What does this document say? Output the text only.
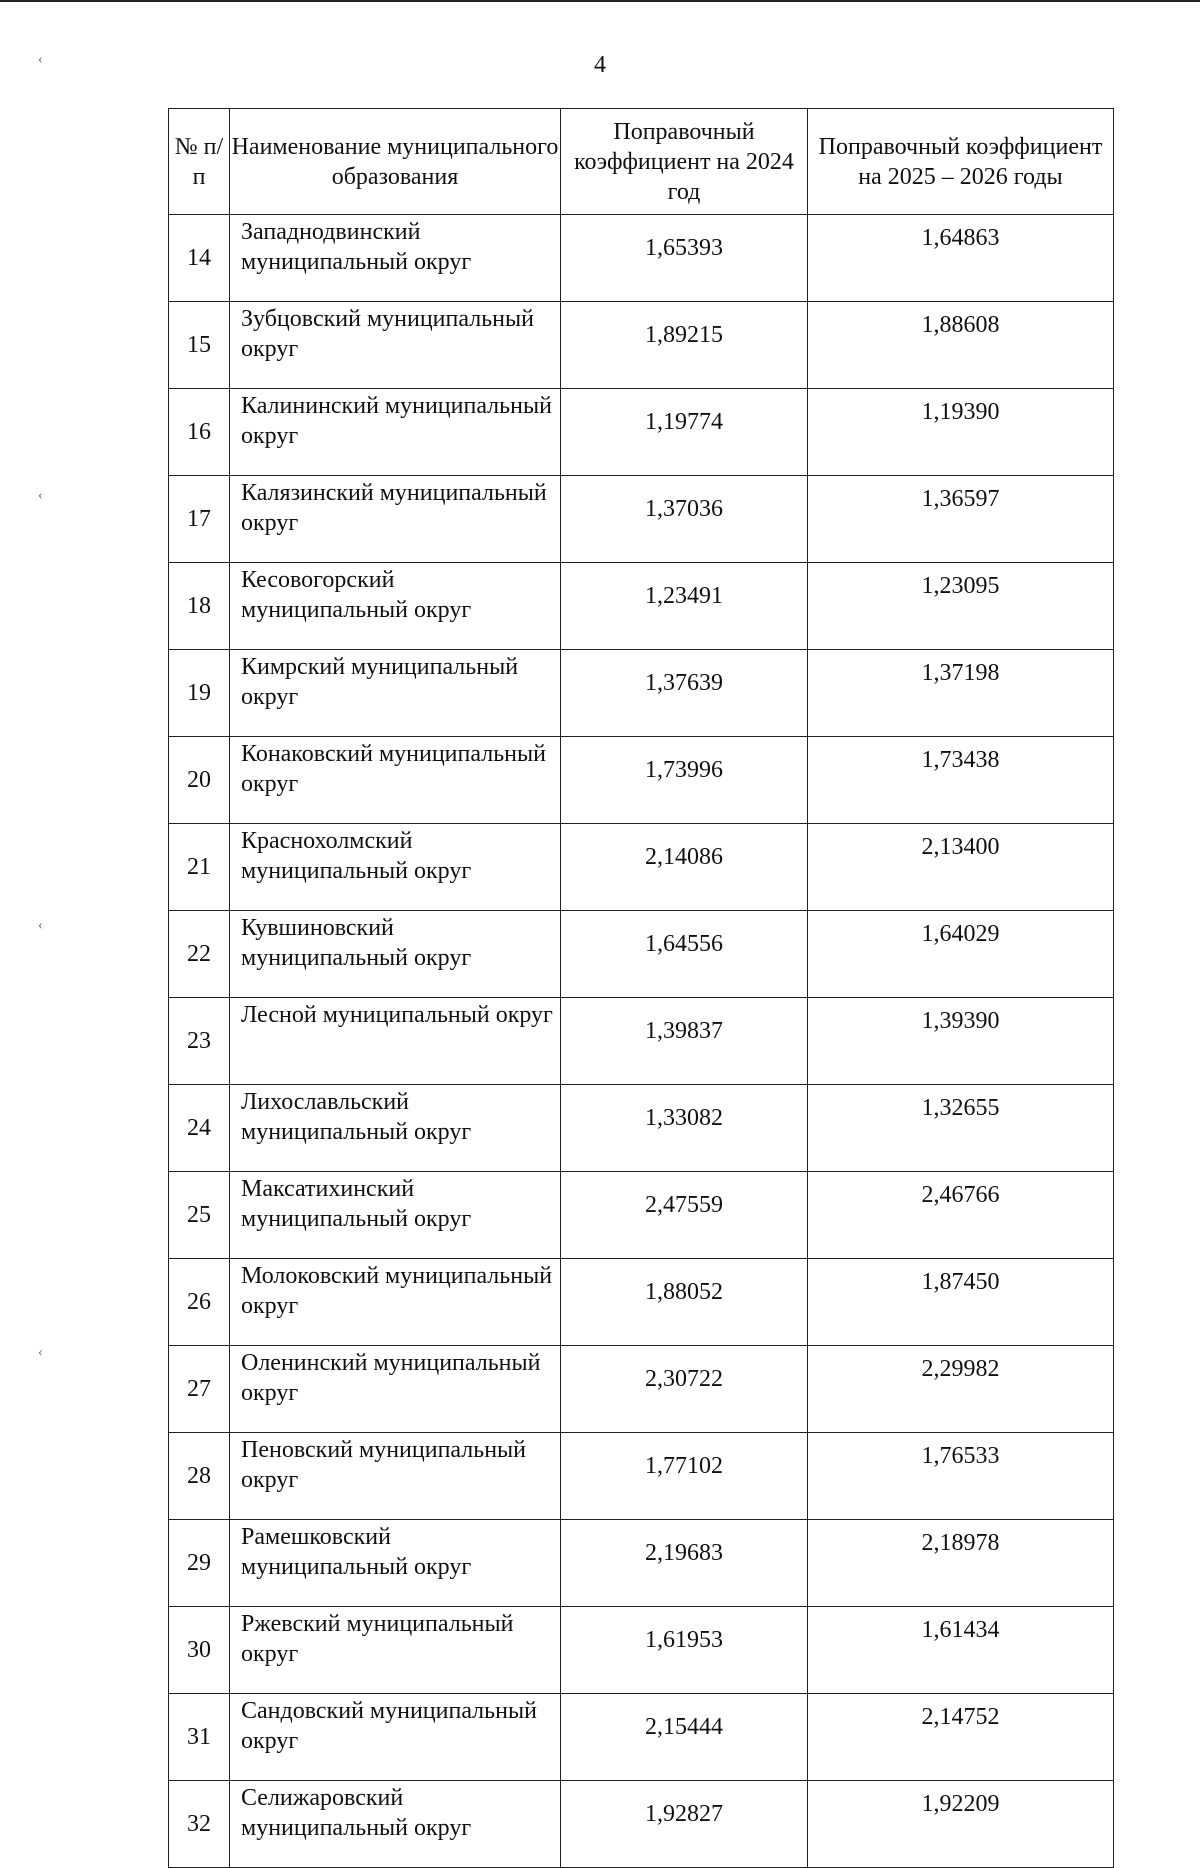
4
‹
‹
‹
‹
№ п/п	Наименование муниципального образования	Поправочный коэффициент на 2024 год	Поправочный коэффициент на 2025 – 2026 годы
14	Западнодвинский муниципальный округ	1,65393	1,64863
15	Зубцовский муниципальный округ	1,89215	1,88608
16	Калининский муниципальный округ	1,19774	1,19390
17	Калязинский муниципальный округ	1,37036	1,36597
18	Кесовогорский муниципальный округ	1,23491	1,23095
19	Кимрский муниципальный округ	1,37639	1,37198
20	Конаковский муниципальный округ	1,73996	1,73438
21	Краснохолмский муниципальный округ	2,14086	2,13400
22	Кувшиновский муниципальный округ	1,64556	1,64029
23	Лесной муниципальный округ	1,39837	1,39390
24	Лихославльский муниципальный округ	1,33082	1,32655
25	Максатихинский муниципальный округ	2,47559	2,46766
26	Молоковский муниципальный округ	1,88052	1,87450
27	Оленинский муниципальный округ	2,30722	2,29982
28	Пеновский муниципальный округ	1,77102	1,76533
29	Рамешковский муниципальный округ	2,19683	2,18978
30	Ржевский муниципальный округ	1,61953	1,61434
31	Сандовский муниципальный округ	2,15444	2,14752
32	Селижаровский муниципальный округ	1,92827	1,92209
